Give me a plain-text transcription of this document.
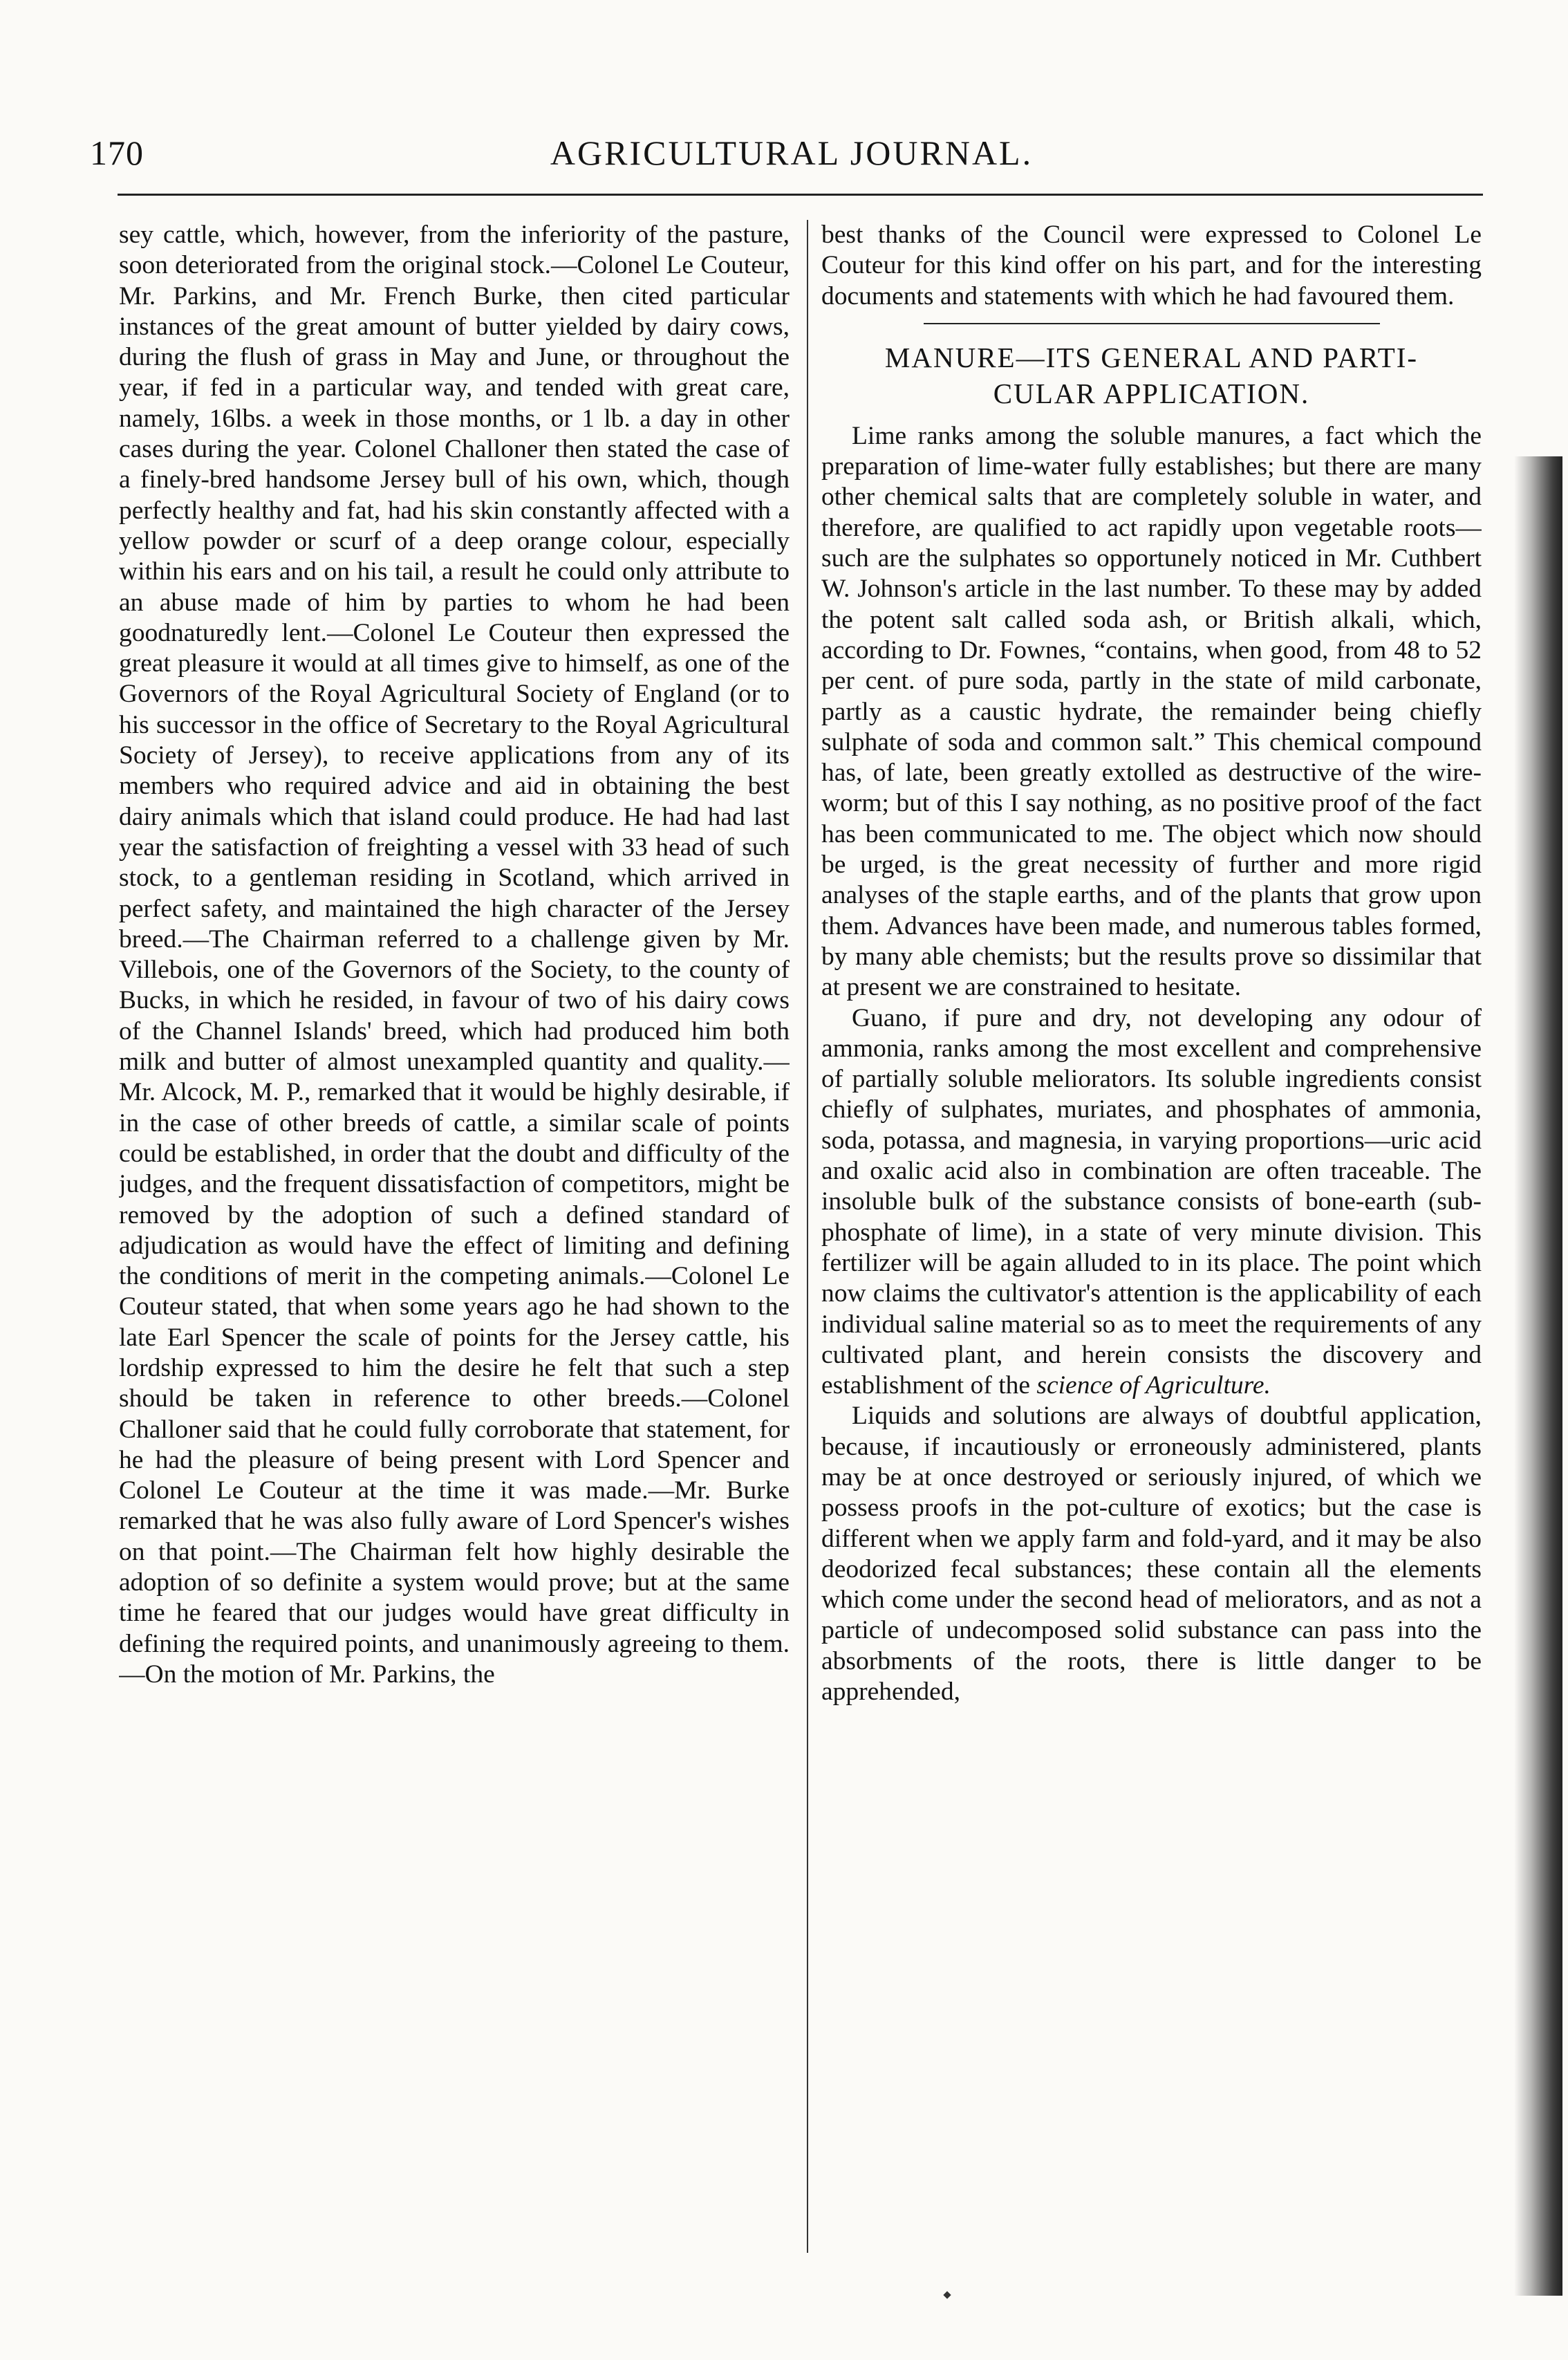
170	AGRICULTURAL JOURNAL.

sey cattle, which, however, from the inferiority of the pasture, soon deteriorated from the original stock.—Colonel Le Couteur, Mr. Parkins, and Mr. French Burke, then cited particular instances of the great amount of butter yielded by dairy cows, during the flush of grass in May and June, or throughout the year, if fed in a particular way, and tended with great care, namely, 16lbs. a week in those months, or 1 lb. a day in other cases during the year. Colonel Challoner then stated the case of a finely-bred handsome Jersey bull of his own, which, though perfectly healthy and fat, had his skin constantly affected with a yellow powder or scurf of a deep orange colour, especially within his ears and on his tail, a result he could only attribute to an abuse made of him by parties to whom he had been goodnaturedly lent.—Colonel Le Couteur then expressed the great pleasure it would at all times give to himself, as one of the Governors of the Royal Agricultural Society of England (or to his successor in the office of Secretary to the Royal Agricultural Society of Jersey), to receive applications from any of its members who required advice and aid in obtaining the best dairy animals which that island could produce. He had had last year the satisfaction of freighting a vessel with 33 head of such stock, to a gentleman residing in Scotland, which arrived in perfect safety, and maintained the high character of the Jersey breed.—The Chairman referred to a challenge given by Mr. Villebois, one of the Governors of the Society, to the county of Bucks, in which he resided, in favour of two of his dairy cows of the Channel Islands' breed, which had produced him both milk and butter of almost unexampled quantity and quality.—Mr. Alcock, M. P., remarked that it would be highly desirable, if in the case of other breeds of cattle, a similar scale of points could be established, in order that the doubt and difficulty of the judges, and the frequent dissatisfaction of competitors, might be removed by the adoption of such a defined standard of adjudication as would have the effect of limiting and defining the conditions of merit in the competing animals.—Colonel Le Couteur stated, that when some years ago he had shown to the late Earl Spencer the scale of points for the Jersey cattle, his lordship expressed to him the desire he felt that such a step should be taken in reference to other breeds.—Colonel Challoner said that he could fully corroborate that statement, for he had the pleasure of being present with Lord Spencer and Colonel Le Couteur at the time it was made.—Mr. Burke remarked that he was also fully aware of Lord Spencer's wishes on that point.—The Chairman felt how highly desirable the adoption of so definite a system would prove; but at the same time he feared that our judges would have great difficulty in defining the required points, and unanimously agreeing to them.—On the motion of Mr. Parkins, the

best thanks of the Council were expressed to Colonel Le Couteur for this kind offer on his part, and for the interesting documents and statements with which he had favoured them.

MANURE—ITS GENERAL AND PARTI-
CULAR APPLICATION.

Lime ranks among the soluble manures, a fact which the preparation of lime-water fully establishes; but there are many other chemical salts that are completely soluble in water, and therefore, are qualified to act rapidly upon vegetable roots—such are the sulphates so opportunely noticed in Mr. Cuthbert W. Johnson's article in the last number. To these may by added the potent salt called soda ash, or British alkali, which, according to Dr. Fownes, “contains, when good, from 48 to 52 per cent. of pure soda, partly in the state of mild carbonate, partly as a caustic hydrate, the remainder being chiefly sulphate of soda and common salt.” This chemical compound has, of late, been greatly extolled as destructive of the wire-worm; but of this I say nothing, as no positive proof of the fact has been communicated to me. The object which now should be urged, is the great necessity of further and more rigid analyses of the staple earths, and of the plants that grow upon them. Advances have been made, and numerous tables formed, by many able chemists; but the results prove so dissimilar that at present we are constrained to hesitate.

Guano, if pure and dry, not developing any odour of ammonia, ranks among the most excellent and comprehensive of partially soluble meliorators. Its soluble ingredients consist chiefly of sulphates, muriates, and phosphates of ammonia, soda, potassa, and magnesia, in varying proportions—uric acid and oxalic acid also in combination are often traceable. The insoluble bulk of the substance consists of bone-earth (sub-phosphate of lime), in a state of very minute division. This fertilizer will be again alluded to in its place. The point which now claims the cultivator's attention is the applicability of each individual saline material so as to meet the requirements of any cultivated plant, and herein consists the discovery and establishment of the science of Agriculture.

Liquids and solutions are always of doubtful application, because, if incautiously or erroneously administered, plants may be at once destroyed or seriously injured, of which we possess proofs in the pot-culture of exotics; but the case is different when we apply farm and fold-yard, and it may be also deodorized fecal substances; these contain all the elements which come under the second head of meliorators, and as not a particle of undecomposed solid substance can pass into the absorbments of the roots, there is little danger to be apprehended,
